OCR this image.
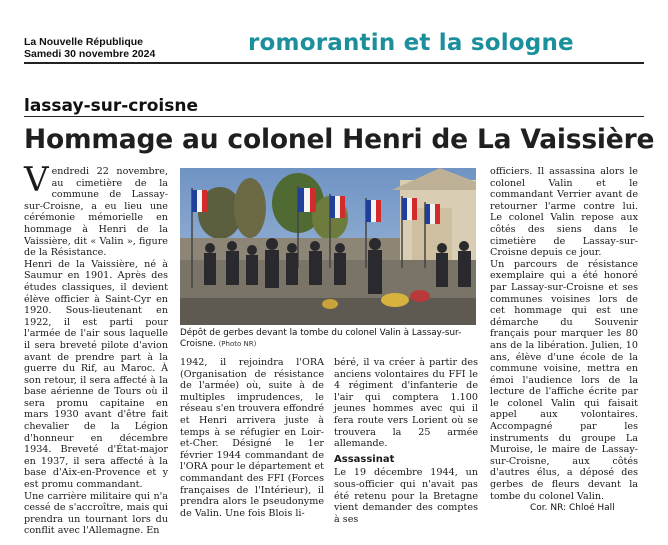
La Nouvelle République
Samedi 30 novembre 2024	romorantin et la sologne
lassay-sur-croisne
Hommage au colonel Henri de La Vaissière

Vendredi 22 novembre, au cimetière de la commune de Lassay-sur-Croisne, a eu lieu une cérémonie mémorielle en hommage à Henri de la Vaissière, dit « Valin », figure de la Résistance.

Henri de la Vaissière, né à Saumur en 1901. Après des études classiques, il devient élève officier à Saint-Cyr en 1920. Sous-lieutenant en 1922, il est parti pour l'armée de l'air sous laquelle il sera breveté pilote d'avion avant de prendre part à la guerre du Rif, au Maroc. À son retour, il sera affecté à la base aérienne de Tours où il sera promu capitaine en mars 1930 avant d'être fait chevalier de la Légion d'honneur en décembre 1934. Breveté d'État-major en 1937, il sera affecté à la base d'Aix-en-Provence et y est promu commandant.

Une carrière militaire qui n'a cessé de s'accroître, mais qui prendra un tournant lors du conflit avec l'Allemagne. En

Dépôt de gerbes devant la tombe du colonel Valin à Lassay-sur-Croisne. (Photo NR)

1942, il rejoindra l'ORA (Organisation de résistance de l'armée) où, suite à de multiples imprudences, le réseau s'en trouvera effondré et Henri arrivera juste à temps à se réfugier en Loir-et-Cher. Désigné le 1er février 1944 commandant de l'ORA pour le département et commandant des FFI (Forces françaises de l'Intérieur), il prendra alors le pseudonyme de Valin. Une fois Blois li-

béré, il va créer à partir des anciens volontaires du FFI le 4 régiment d'infanterie de l'air qui comptera 1.100 jeunes hommes avec qui il fera route vers Lorient où se trouvera la 25 armée allemande.

Assassinat

Le 19 décembre 1944, un sous-officier qui n'avait pas été retenu pour la Bretagne vient demander des comptes à ses

officiers. Il assassina alors le colonel Valin et le commandant Verrier avant de retourner l'arme contre lui. Le colonel Valin repose aux côtés des siens dans le cimetière de Lassay-sur-Croisne depuis ce jour.

Un parcours de résistance exemplaire qui a été honoré par Lassay-sur-Croisne et ses communes voisines lors de cet hommage qui est une démarche du Souvenir français pour marquer les 80 ans de la libération. Julien, 10 ans, élève d'une école de la commune voisine, mettra en émoi l'audience lors de la lecture de l'affiche écrite par le colonel Valin qui faisait appel aux volontaires. Accompagné par les instruments du groupe La Muroise, le maire de Lassay-sur-Croisne, aux côtés d'autres élus, a déposé des gerbes de fleurs devant la tombe du colonel Valin.

Cor. NR: Chloé Hall
